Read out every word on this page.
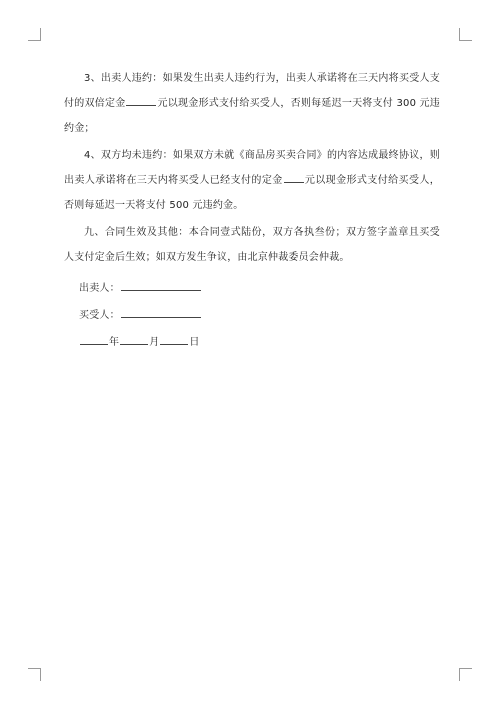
3、出卖人违约：如果发生出卖人违约行为，出卖人承诺将在三天内将买受人支付的双倍定金	元以现金形式支付给买受人，否则每延迟一天将支付 300 元违约金；

4、双方均未违约：如果双方未就《商品房买卖合同》的内容达成最终协议，则出卖人承诺将在三天内将买受人已经支付的定金 元以现金形式支付给买受人，否则每延迟一天将支付 500 元违约金。

九、合同生效及其他：本合同壹式陆份，双方各执叁份；双方签字盖章且买受人支付定金后生效；如双方发生争议，由北京仲裁委员会仲裁。

出卖人：

买受人：

年	月	日
